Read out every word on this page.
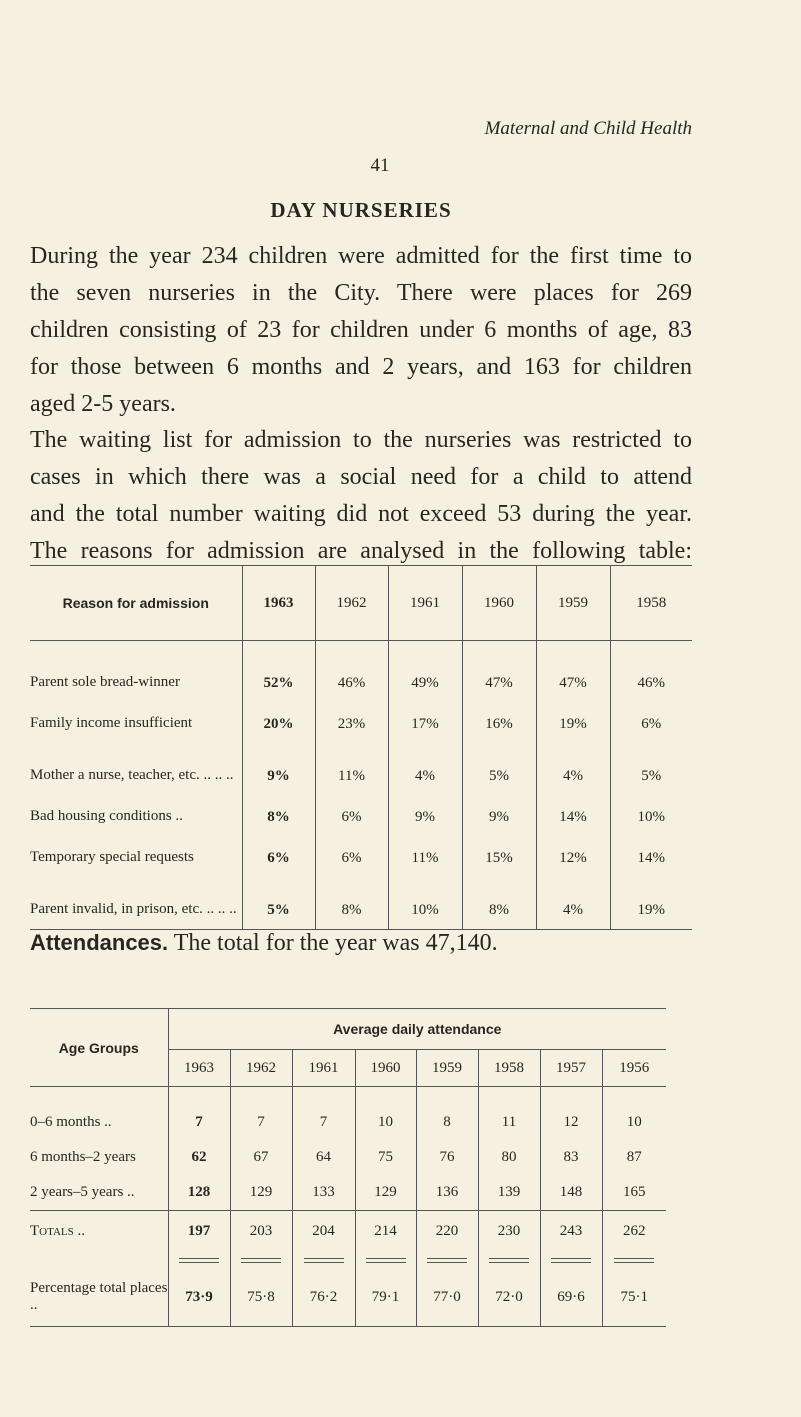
Maternal and Child Health
41
DAY NURSERIES
During the year 234 children were admitted for the first time to
the seven nurseries in the City. There were places for 269
children consisting of 23 for children under 6 months of age, 83
for those between 6 months and 2 years, and 163 for children
aged 2-5 years.
The waiting list for admission to the nurseries was restricted to
cases in which there was a social need for a child to attend
and the total number waiting did not exceed 53 during the year.
The reasons for admission are analysed in the following table:
Reason for admission	1963	1962	1961	1960	1959	1958
Parent sole bread-winner	52%	46%	49%	47%	47%	46%
Family income insufficient	20%	23%	17%	16%	19%	6%
Mother a nurse, teacher, etc. .. .. ..	9%	11%	4%	5%	4%	5%
Bad housing conditions ..	8%	6%	9%	9%	14%	10%
Temporary special requests	6%	6%	11%	15%	12%	14%
Parent invalid, in prison, etc. .. .. ..	5%	8%	10%	8%	4%	19%
Attendances. The total for the year was 47,140.
Age Groups	Average daily attendance							
	1963	1962	1961	1960	1959	1958	1957	1956
0–6 months ..	7	7	7	10	8	11	12	10
6 months–2 years	62	67	64	75	76	80	83	87
2 years–5 years ..	128	129	133	129	136	139	148	165
Totals ..	197	203	204	214	220	230	243	262

Percentage total places ..	73·9	75·8	76·2	79·1	77·0	72·0	69·6	75·1
